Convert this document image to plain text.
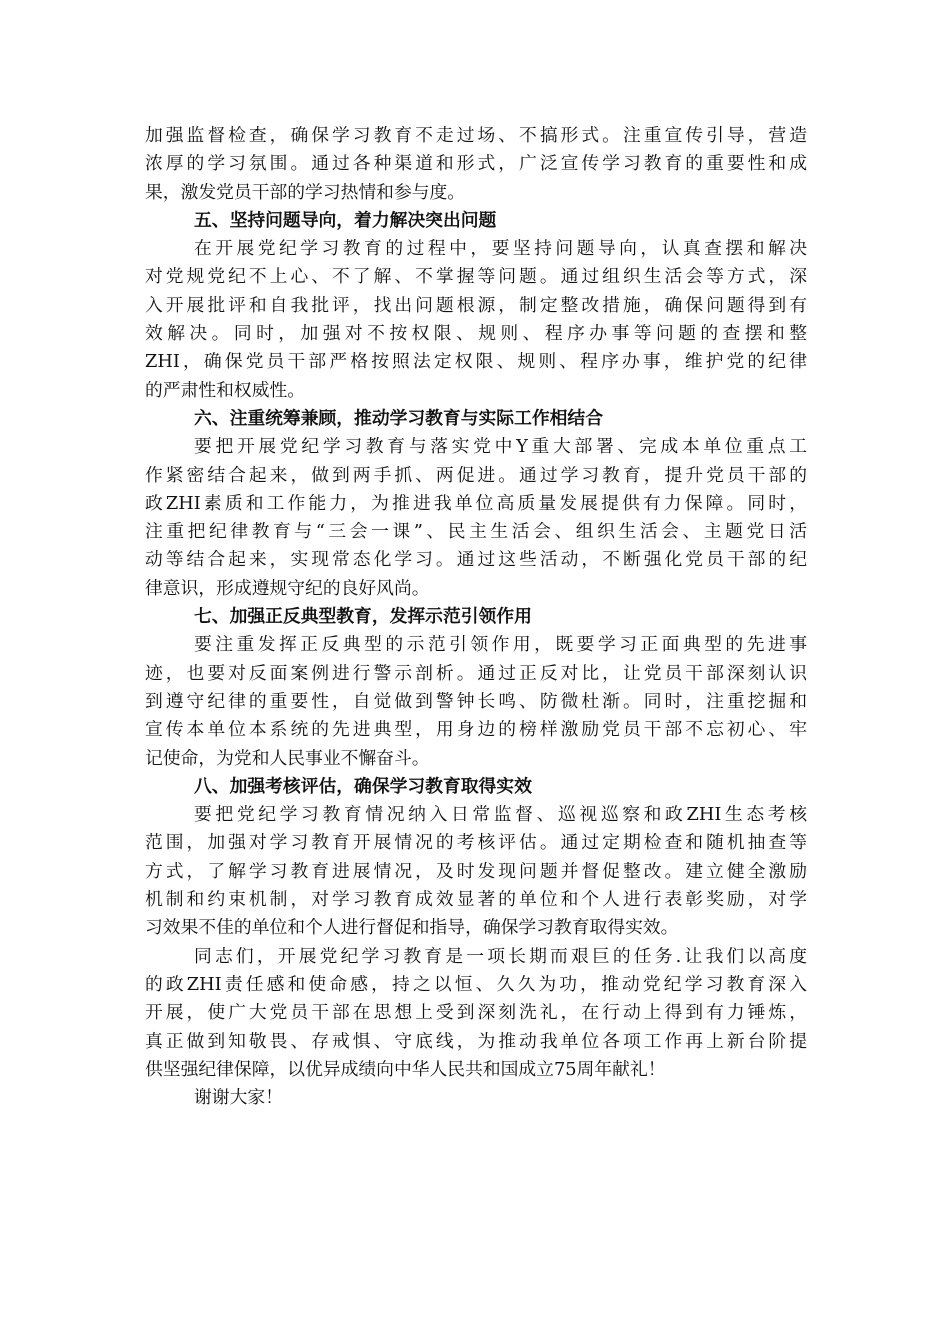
加强监督检查，确保学习教育不走过场、不搞形式。注重宣传引导，营造
浓厚的学习氛围。通过各种渠道和形式，广泛宣传学习教育的重要性和成
果，激发党员干部的学习热情和参与度。
五、坚持问题导向，着力解决突出问题
在开展党纪学习教育的过程中，要坚持问题导向，认真查摆和解决
对党规党纪不上心、不了解、不掌握等问题。通过组织生活会等方式，深
入开展批评和自我批评，找出问题根源，制定整改措施，确保问题得到有
效解决。同时，加强对不按权限、规则、程序办事等问题的查摆和整
ZHI，确保党员干部严格按照法定权限、规则、程序办事，维护党的纪律
的严肃性和权威性。
六、注重统筹兼顾，推动学习教育与实际工作相结合
要把开展党纪学习教育与落实党中Y重大部署、完成本单位重点工
作紧密结合起来，做到两手抓、两促进。通过学习教育，提升党员干部的
政ZHI素质和工作能力，为推进我单位高质量发展提供有力保障。同时，
注重把纪律教育与“三会一课”、民主生活会、组织生活会、主题党日活
动等结合起来，实现常态化学习。通过这些活动，不断强化党员干部的纪
律意识，形成遵规守纪的良好风尚。
七、加强正反典型教育，发挥示范引领作用
要注重发挥正反典型的示范引领作用，既要学习正面典型的先进事
迹，也要对反面案例进行警示剖析。通过正反对比，让党员干部深刻认识
到遵守纪律的重要性，自觉做到警钟长鸣、防微杜渐。同时，注重挖掘和
宣传本单位本系统的先进典型，用身边的榜样激励党员干部不忘初心、牢
记使命，为党和人民事业不懈奋斗。
八、加强考核评估，确保学习教育取得实效
要把党纪学习教育情况纳入日常监督、巡视巡察和政ZHI生态考核
范围，加强对学习教育开展情况的考核评估。通过定期检查和随机抽查等
方式，了解学习教育进展情况，及时发现问题并督促整改。建立健全激励
机制和约束机制，对学习教育成效显著的单位和个人进行表彰奖励，对学
习效果不佳的单位和个人进行督促和指导，确保学习教育取得实效。
同志们，开展党纪学习教育是一项长期而艰巨的任务.让我们以高度
的政ZHI责任感和使命感，持之以恒、久久为功，推动党纪学习教育深入
开展，使广大党员干部在思想上受到深刻洗礼，在行动上得到有力锤炼，
真正做到知敬畏、存戒惧、守底线，为推动我单位各项工作再上新台阶提
供坚强纪律保障，以优异成绩向中华人民共和国成立75周年献礼！
谢谢大家！
